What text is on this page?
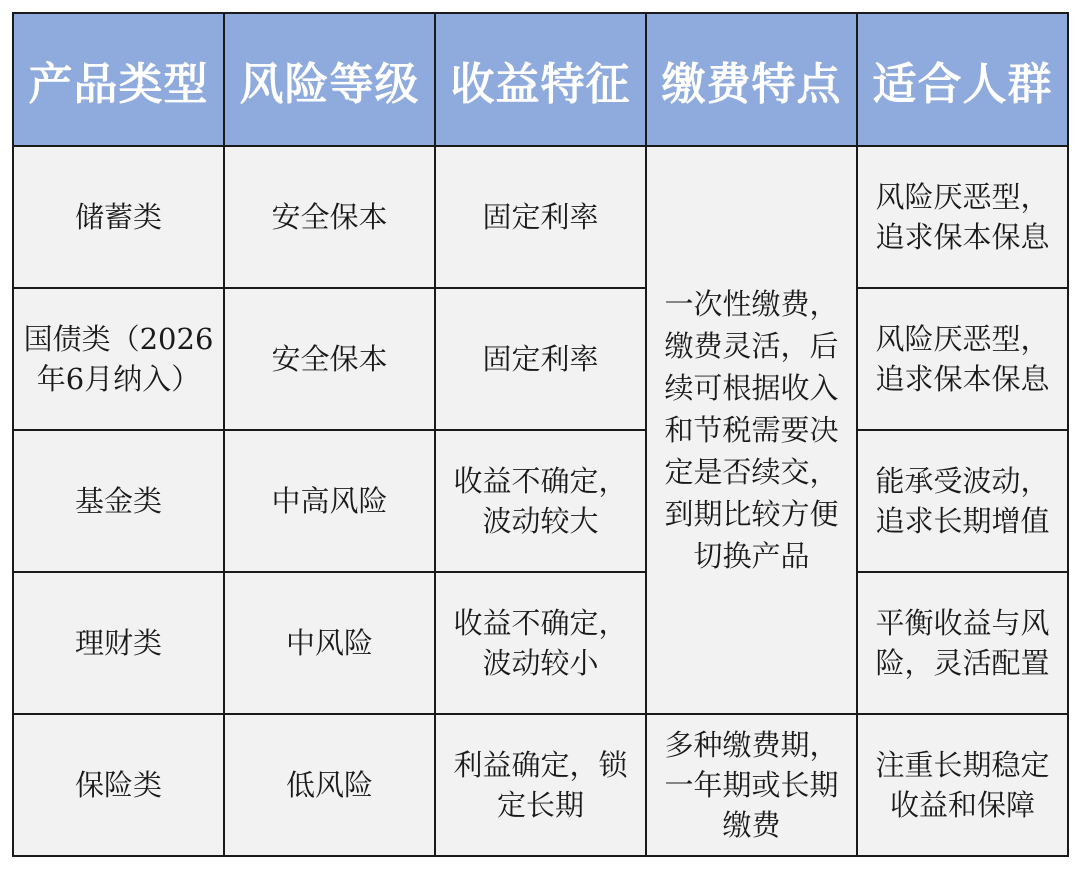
产品类型	风险等级	收益特征	缴费特点	适合人群
储蓄类	安全保本	固定利率	一次性缴费，缴费灵活，后续可根据收入和节税需要决定是否续交，到期比较方便切换产品	风险厌恶型，追求保本保息
国债类（2026年6月纳入）	安全保本	固定利率		风险厌恶型，追求保本保息
基金类	中高风险	收益不确定，波动较大		能承受波动，追求长期增值
理财类	中风险	收益不确定，波动较小		平衡收益与风险，灵活配置
保险类	低风险	利益确定，锁定长期	多种缴费期，一年期或长期缴费	注重长期稳定收益和保障
